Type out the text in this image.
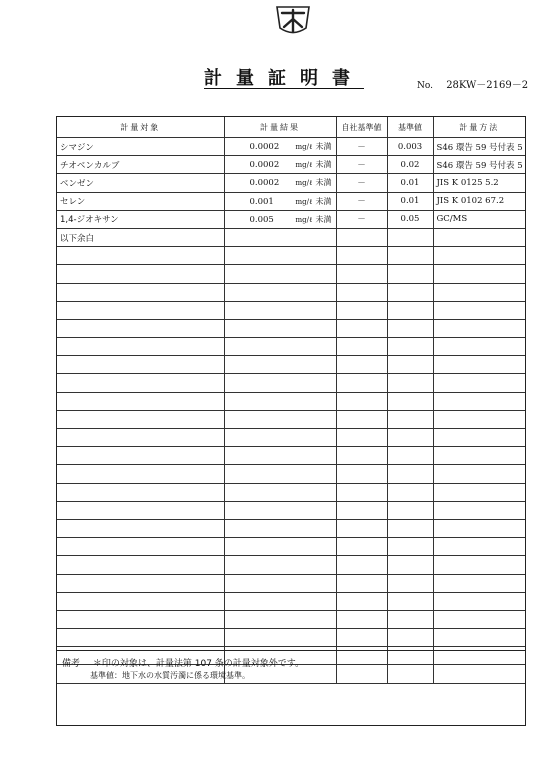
計量証明書	No. 28KW－2169－2
計量対象	計量結果	自社基準値	基準値	計量方法
シマジン	0.0002 mg/ℓ 未満	－	0.003	S46 環告 59 号付表 5
チオベンカルブ	0.0002 mg/ℓ 未満	－	0.02	S46 環告 59 号付表 5
ベンゼン	0.0002 mg/ℓ 未満	－	0.01	JIS K 0125 5.2
セレン	0.001 mg/ℓ 未満	－	0.01	JIS K 0102 67.2
1,4-ジオキサン	0.005 mg/ℓ 未満	－	0.05	GC/MS
以下余白				

備考 ＊印の対象は、計量法第 107 条の計量対象外です。
基準値：地下水の水質汚濁に係る環境基準。
